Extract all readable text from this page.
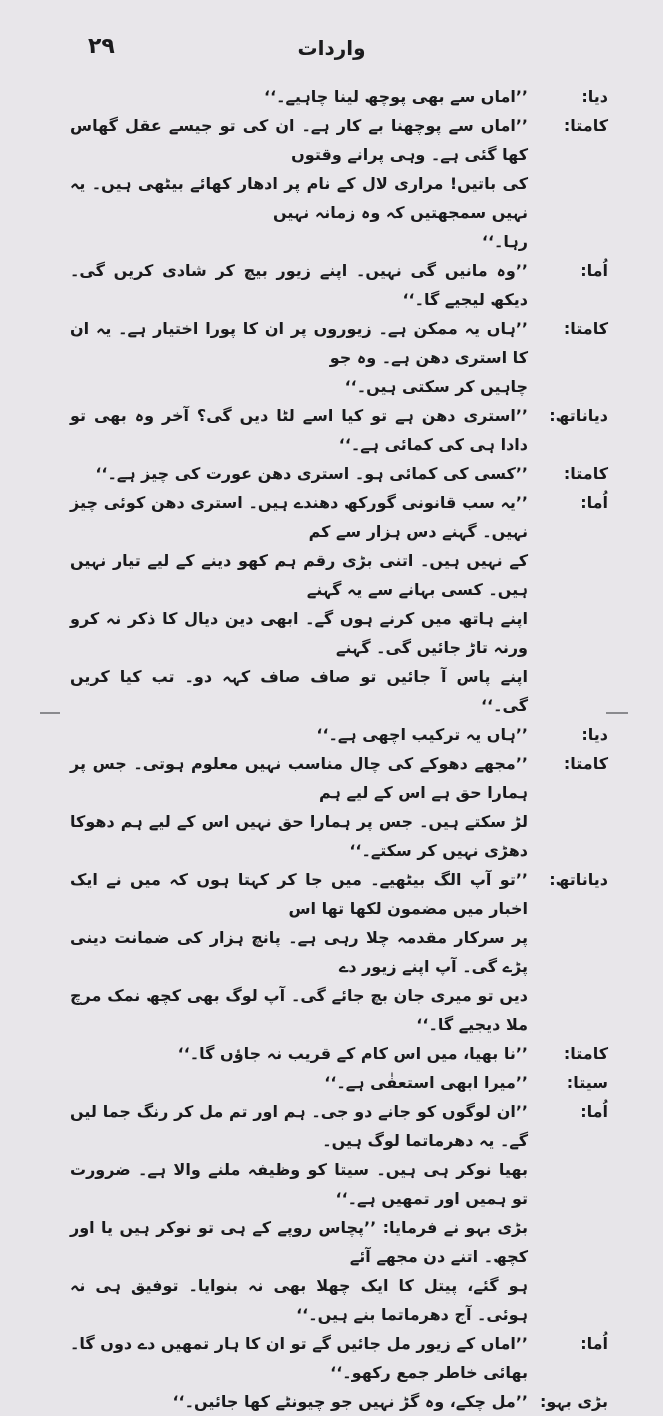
۲۹	واردات
دیا:
’’اماں سے بھی پوچھ لینا چاہیے۔‘‘
کامتا:
’’اماں سے پوچھنا بے کار ہے۔ ان کی تو جیسے عقل گھاس کھا گئی ہے۔ وہی پرانے وقتوں
کی باتیں! مراری لال کے نام پر ادھار کھائے بیٹھی ہیں۔ یہ نہیں سمجھتیں کہ وہ زمانہ نہیں
رہا۔‘‘
اُما:
’’وہ مانیں گی نہیں۔ اپنے زیور بیچ کر شادی کریں گی۔ دیکھ لیجیے گا۔‘‘
کامتا:
’’ہاں یہ ممکن ہے۔ زیوروں پر ان کا پورا اختیار ہے۔ یہ ان کا استری دھن ہے۔ وہ جو
چاہیں کر سکتی ہیں۔‘‘
دیاناتھ:
’’استری دھن ہے تو کیا اسے لٹا دیں گی؟ آخر وہ بھی تو دادا ہی کی کمائی ہے۔‘‘
کامتا:
’’کسی کی کمائی ہو۔ استری دھن عورت کی چیز ہے۔‘‘
اُما:
’’یہ سب قانونی گورکھ دھندے ہیں۔ استری دھن کوئی چیز نہیں۔ گہنے دس ہزار سے کم
کے نہیں ہیں۔ اتنی بڑی رقم ہم کھو دینے کے لیے تیار نہیں ہیں۔ کسی بہانے سے یہ گہنے
اپنے ہاتھ میں کرنے ہوں گے۔ ابھی دین دیال کا ذکر نہ کرو ورنہ تاڑ جائیں گی۔ گہنے
اپنے پاس آ جائیں تو صاف صاف کہہ دو۔ تب کیا کریں گی۔‘‘
دیا:
’’ہاں یہ ترکیب اچھی ہے۔‘‘
کامتا:
’’مجھے دھوکے کی چال مناسب نہیں معلوم ہوتی۔ جس پر ہمارا حق ہے اس کے لیے ہم
لڑ سکتے ہیں۔ جس پر ہمارا حق نہیں اس کے لیے ہم دھوکا دھڑی نہیں کر سکتے۔‘‘
دیاناتھ:
’’تو آپ الگ بیٹھیے۔ میں جا کر کہتا ہوں کہ میں نے ایک اخبار میں مضمون لکھا تھا اس
پر سرکار مقدمہ چلا رہی ہے۔ پانچ ہزار کی ضمانت دینی پڑے گی۔ آپ اپنے زیور دے
دیں تو میری جان بچ جائے گی۔ آپ لوگ بھی کچھ نمک مرچ ملا دیجیے گا۔‘‘
کامتا:
’’نا بھیا، میں اس کام کے قریب نہ جاؤں گا۔‘‘
سیتا:
’’میرا ابھی استعفٰی ہے۔‘‘
اُما:
’’ان لوگوں کو جانے دو جی۔ ہم اور تم مل کر رنگ جما لیں گے۔ یہ دھرماتما لوگ ہیں۔
بھیا نوکر ہی ہیں۔ سیتا کو وظیفہ ملنے والا ہے۔ ضرورت تو ہمیں اور تمھیں ہے۔‘‘
بڑی بہو نے فرمایا: ’’پچاس روپے کے ہی تو نوکر ہیں یا اور کچھ۔ اتنے دن مجھے آئے
ہو گئے، پیتل کا ایک چھلا بھی نہ بنوایا۔ توفیق ہی نہ ہوئی۔ آج دھرماتما بنے ہیں۔‘‘
اُما:
’’اماں کے زیور مل جائیں گے تو ان کا ہار تمھیں دے دوں گا۔ بھائی خاطر جمع رکھو۔‘‘
بڑی بہو:
’’مل چکے، وہ گڑ نہیں جو چیونٹے کھا جائیں۔‘‘
